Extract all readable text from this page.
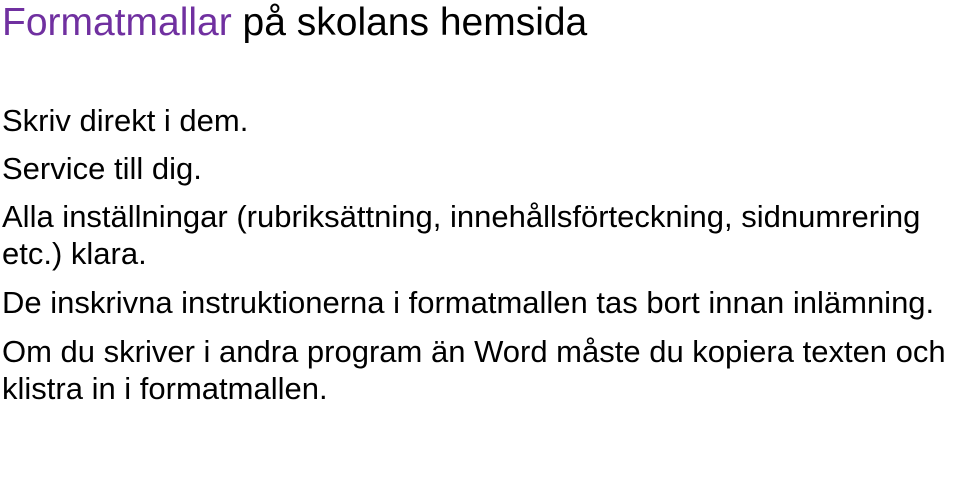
Formatmallar på skolans hemsida
Skriv direkt i dem.
Service till dig.
Alla inställningar (rubriksättning, innehållsförteckning, sidnumrering etc.) klara.
De inskrivna instruktionerna i formatmallen tas bort innan inlämning.
Om du skriver i andra program än Word måste du kopiera texten och klistra in i formatmallen.
